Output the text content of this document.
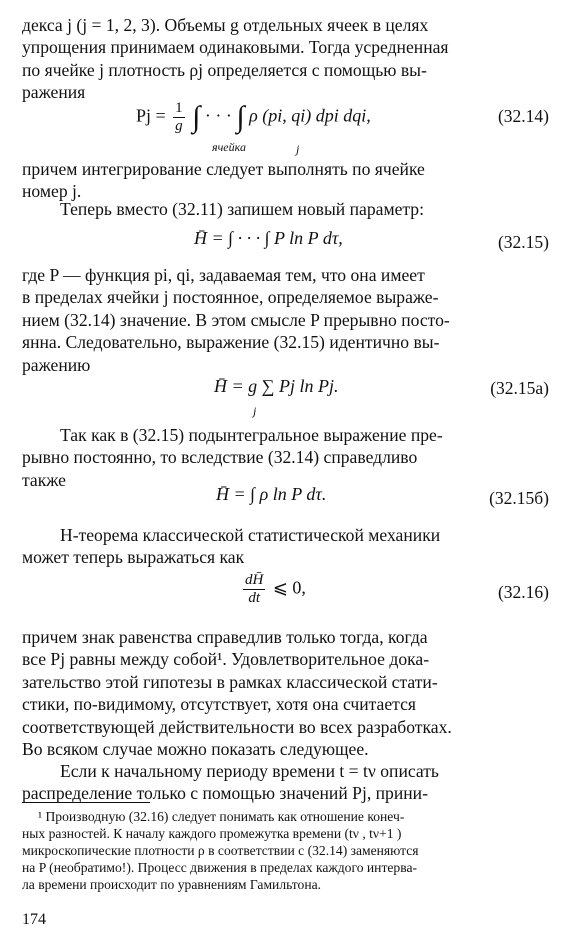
декса j (j = 1, 2, 3). Объемы g отдельных ячеек в целях
упрощения принимаем одинаковыми. Тогда усредненная
по ячейке j плотность ρj определяется с помощью вы-
ражения
$Pj = \frac{1}{g}$ ∫ · · · ∫ ρ (pi, qi) dpi dqi,
ячейка	j
(32.14)
причем интегрирование следует выполнять по ячейке
номер j.
Теперь вместо (32.11) запишем новый параметр:
H̄ = ∫ · · · ∫ P ln P dτ,	(32.15)
где P — функция pi, qi, задаваемая тем, что она имеет
в пределах ячейки j постоянное, определяемое выраже-
нием (32.14) значение. В этом смысле P прерывно посто-
янна. Следовательно, выражение (32.15) идентично вы-
ражению
H̄ = g ∑ Pj ln Pj.
j
(32.15a)
Так как в (32.15) подынтегральное выражение пре-
рывно постоянно, то вследствие (32.14) справедливо
также
H̄ = ∫ ρ ln P dτ.	(32.15б)
H-теорема классической статистической механики
может теперь выражаться как
$\frac{dH̄}{dt}$ ⩽ 0,	(32.16)
причем знак равенства справедлив только тогда, когда
все Pj равны между собой¹. Удовлетворительное дока-
зательство этой гипотезы в рамках классической стати-
стики, по-видимому, отсутствует, хотя она считается
соответствующей действительности во всех разработках.
Во всяком случае можно показать следующее.
Если к начальному периоду времени t = tν описать
распределение только с помощью значений Pj, прини-
¹ Производную (32.16) следует понимать как отношение конеч-
ных разностей. К началу каждого промежутка времени (tν , tν+1 )
микроскопические плотности ρ в соответствии с (32.14) заменяются
на P (необратимо!). Процесс движения в пределах каждого интерва-
ла времени происходит по уравнениям Гамильтона.
174
